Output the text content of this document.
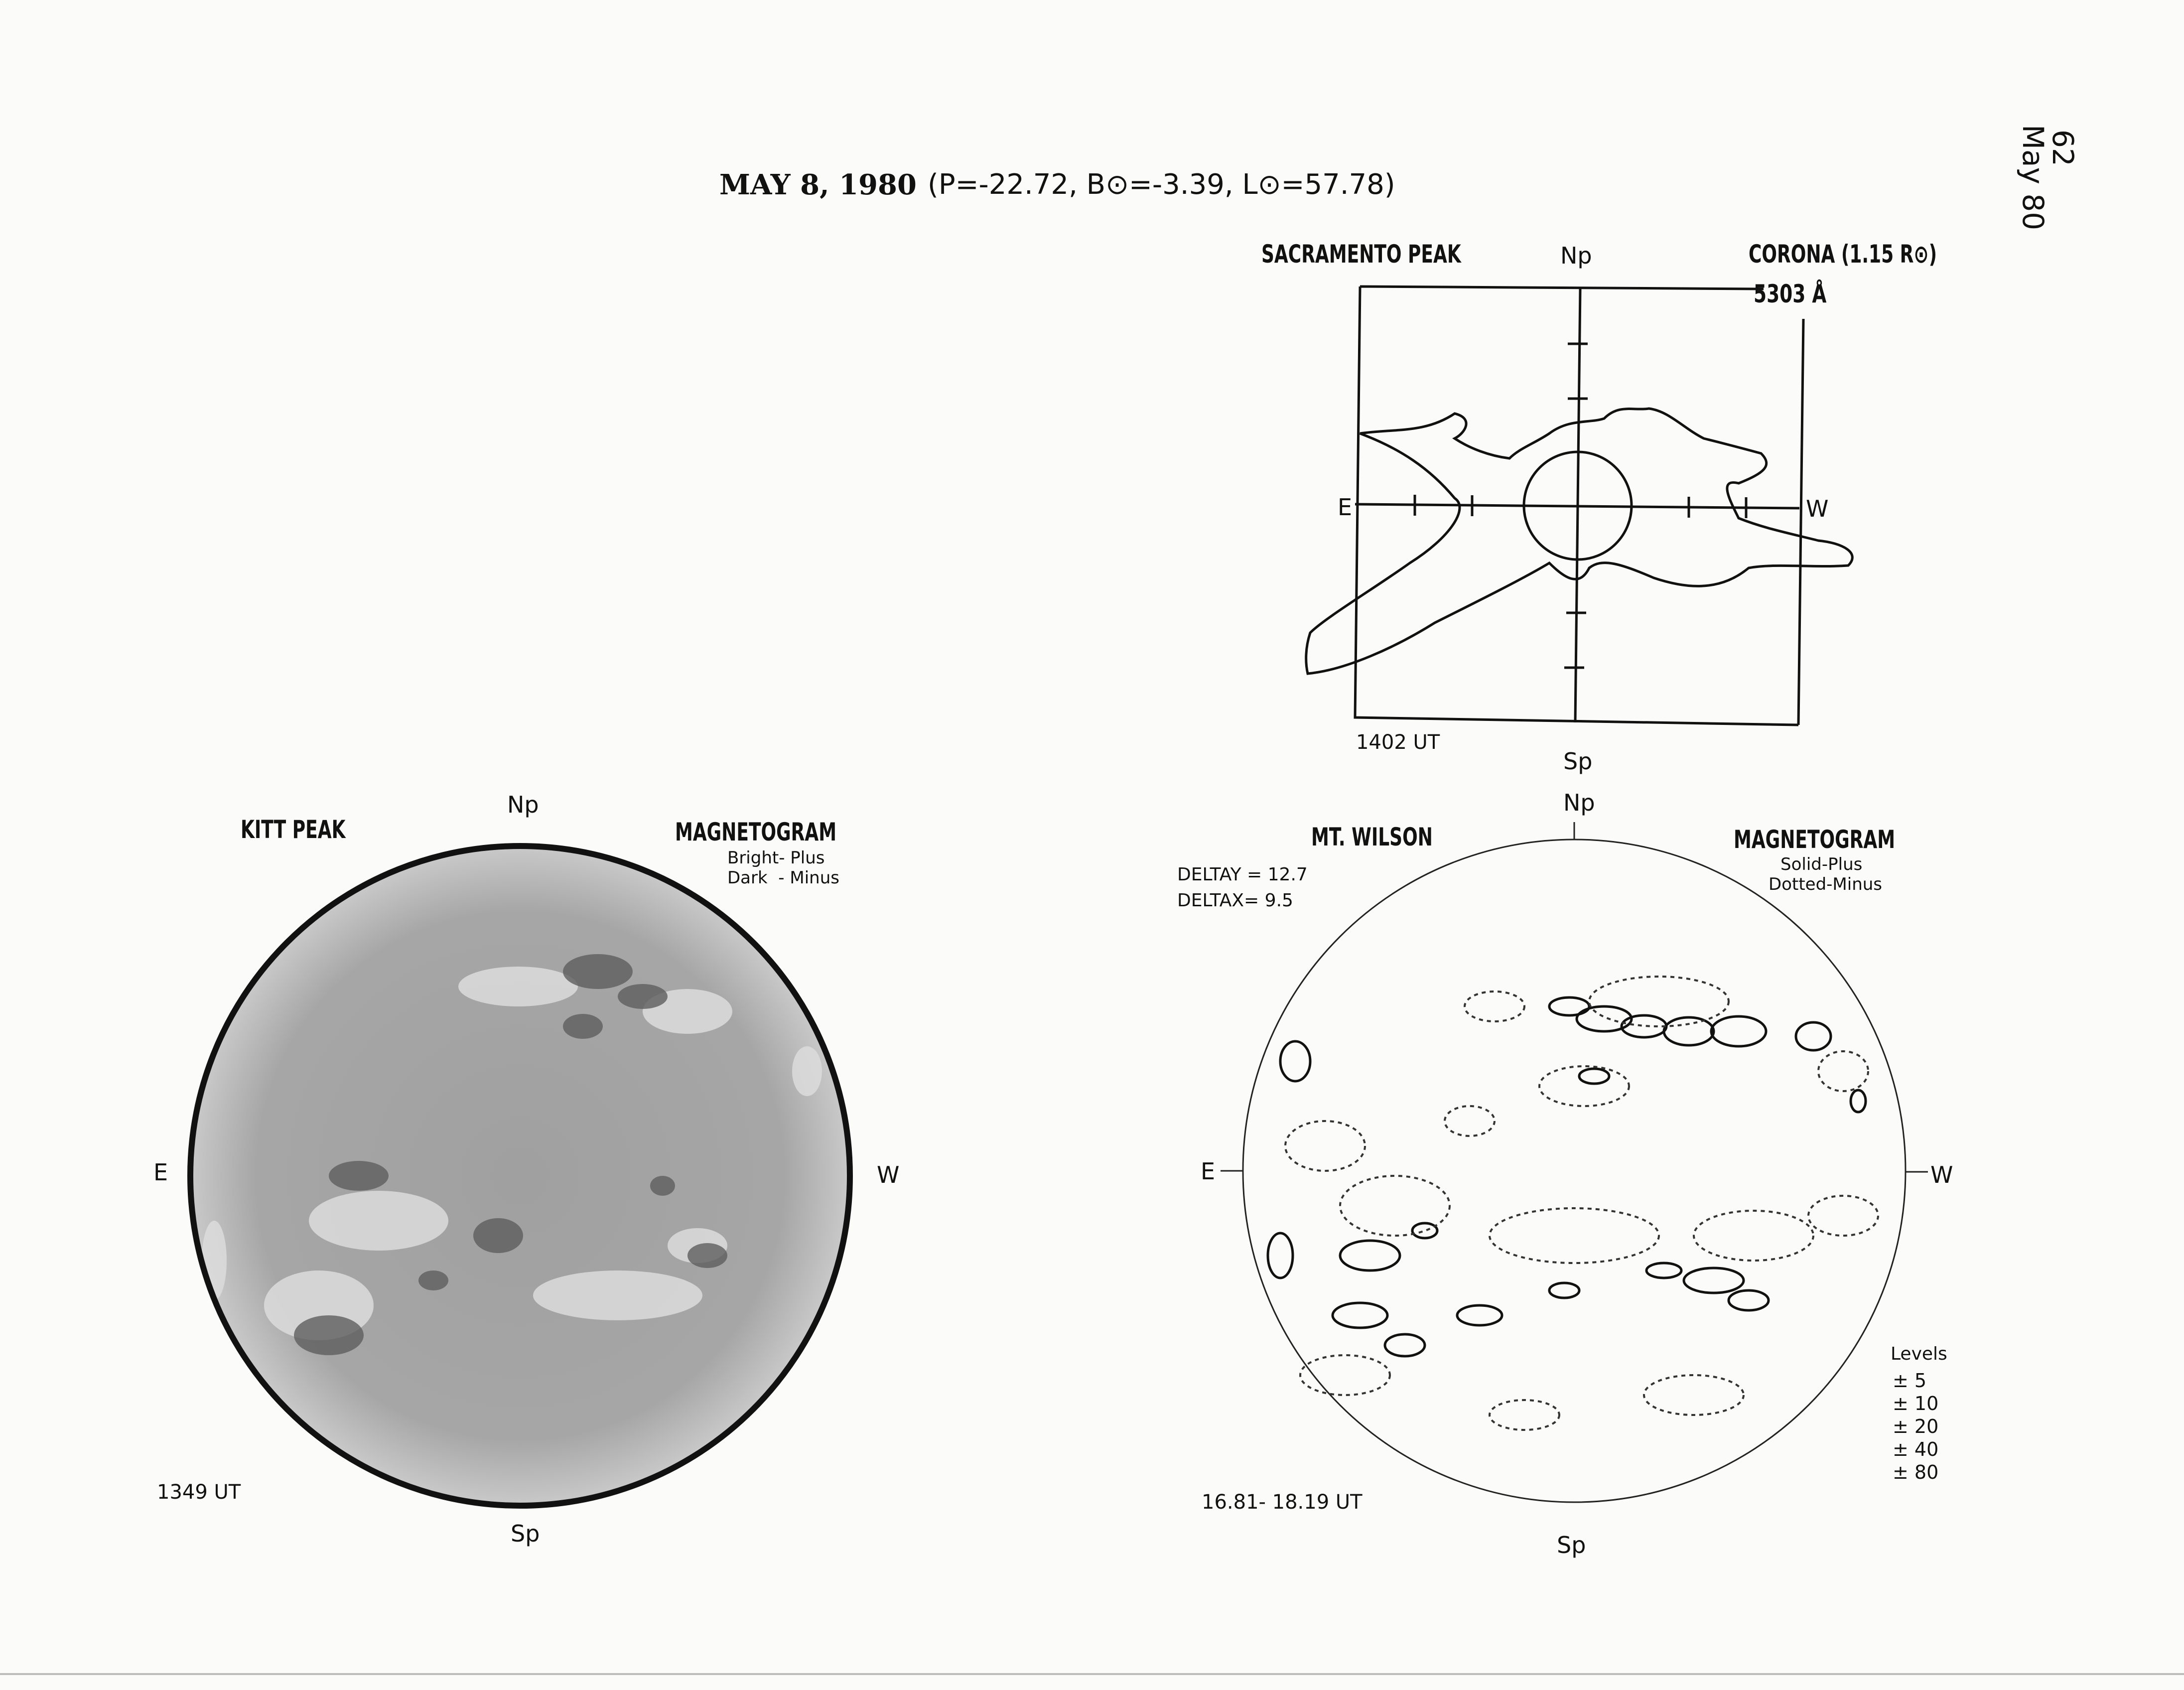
MAY 8, 1980 (P=-22.72, B⊙=-3.39, L⊙=57.78)
62
May 80
SACRAMENTO PEAK	Np	CORONA (1.15 R⊙)
5303 Å
E	W
1402 UT
Sp
KITT PEAK
Np
MAGNETOGRAM
Bright- Plus
Dark  - Minus
E	W
1349 UT
Sp
Np
MT. WILSON	MAGNETOGRAM
Solid-Plus
Dotted-Minus
DELTAY = 12.7
DELTAX= 9.5
E	W
Levels
± 5
± 10
± 20
± 40
± 80
16.81- 18.19 UT
Sp
